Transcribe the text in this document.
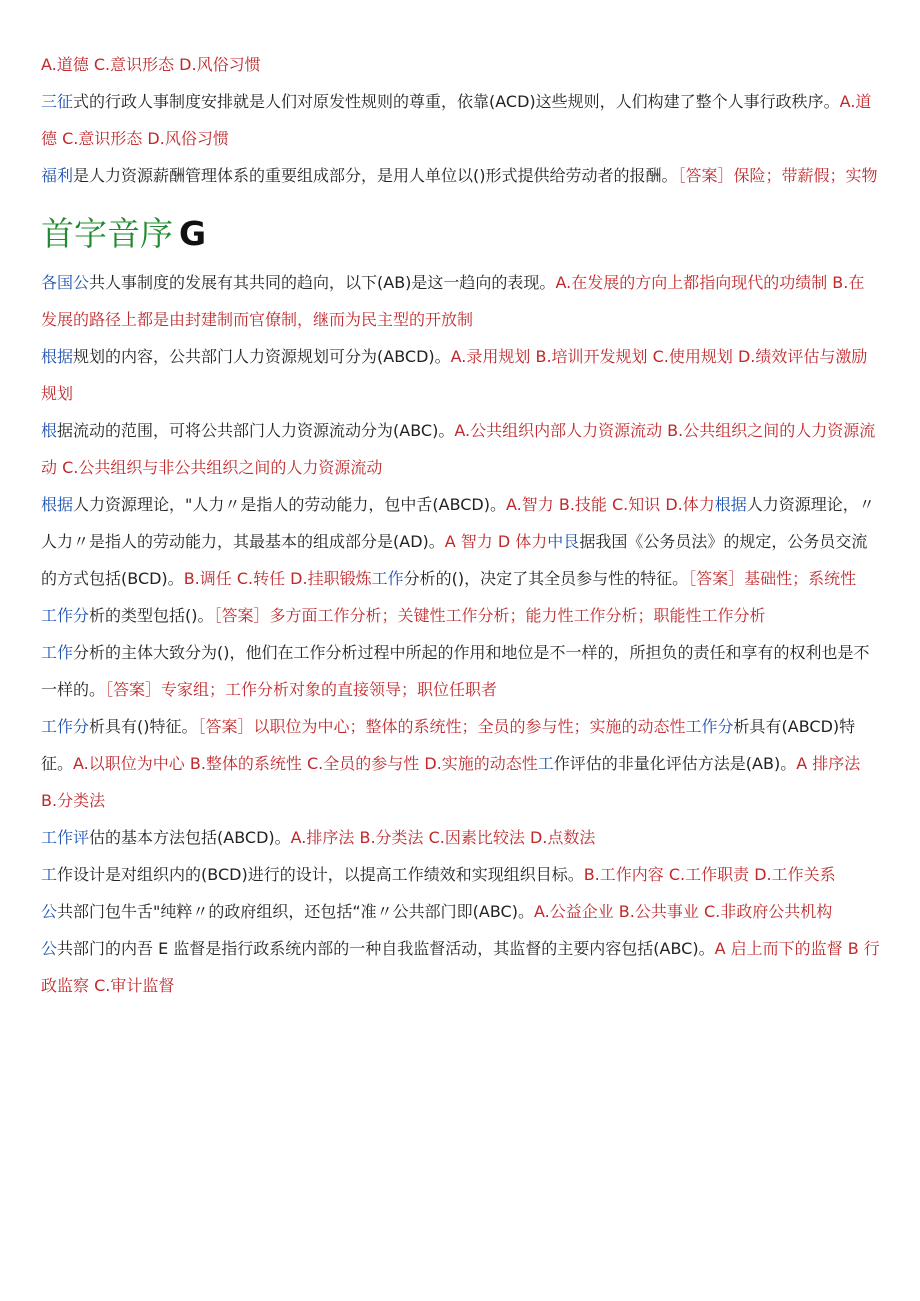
A.道德 C.意识形态 D.风俗习惯

三征式的行政人事制度安排就是人们对原发性规则的尊重，依靠(ACD)这些规则，人们构建了整个人事行政秩序。A.道德 C.意识形态 D.风俗习惯

福利是人力资源薪酬管理体系的重要组成部分，是用人单位以()形式提供给劳动者的报酬。［答案］保险；带薪假；实物

首字音序 G

各国公共人事制度的发展有其共同的趋向，以下(AB)是这一趋向的表现。A.在发展的方向上都指向现代的功绩制 B.在发展的路径上都是由封建制而官僚制，继而为民主型的开放制

根据规划的内容，公共部门人力资源规划可分为(ABCD)。A.录用规划 B.培训开发规划 C.使用规划 D.绩效评估与激励规划

根据流动的范围，可将公共部门人力资源流动分为(ABC)。A.公共组织内部人力资源流动 B.公共组织之间的人力资源流动 C.公共组织与非公共组织之间的人力资源流动

根据人力资源理论，"人力〃是指人的劳动能力，包中舌(ABCD)。A.智力 B.技能 C.知识 D.体力根据人力资源理论，〃人力〃是指人的劳动能力，其最基本的组成部分是(AD)。A 智力 D 体力中艮据我国《公务员法》的规定，公务员交流的方式包括(BCD)。B.调任 C.转任 D.挂职锻炼工作分析的()，决定了其全员参与性的特征。［答案］基础性；系统性

工作分析的类型包括()。［答案］多方面工作分析；关键性工作分析；能力性工作分析；职能性工作分析

工作分析的主体大致分为()，他们在工作分析过程中所起的作用和地位是不一样的，所担负的责任和享有的权利也是不一样的。［答案］专家组；工作分析对象的直接领导；职位任职者

工作分析具有()特征。［答案］以职位为中心；整体的系统性；全员的参与性；实施的动态性工作分析具有(ABCD)特征。A.以职位为中心 B.整体的系统性 C.全员的参与性 D.实施的动态性工作评估的非量化评估方法是(AB)。A 排序法 B.分类法

工作评估的基本方法包括(ABCD)。A.排序法 B.分类法 C.因素比较法 D.点数法

工作设计是对组织内的(BCD)进行的设计，以提高工作绩效和实现组织目标。B.工作内容 C.工作职责 D.工作关系

公共部门包牛舌"纯粹〃的政府组织，还包括“准〃公共部门即(ABC)。A.公益企业 B.公共事业 C.非政府公共机构

公共部门的内吾 E 监督是指行政系统内部的一种自我监督活动，其监督的主要内容包括(ABC)。A 启上而下的监督 B 行政监察 C.审计监督
